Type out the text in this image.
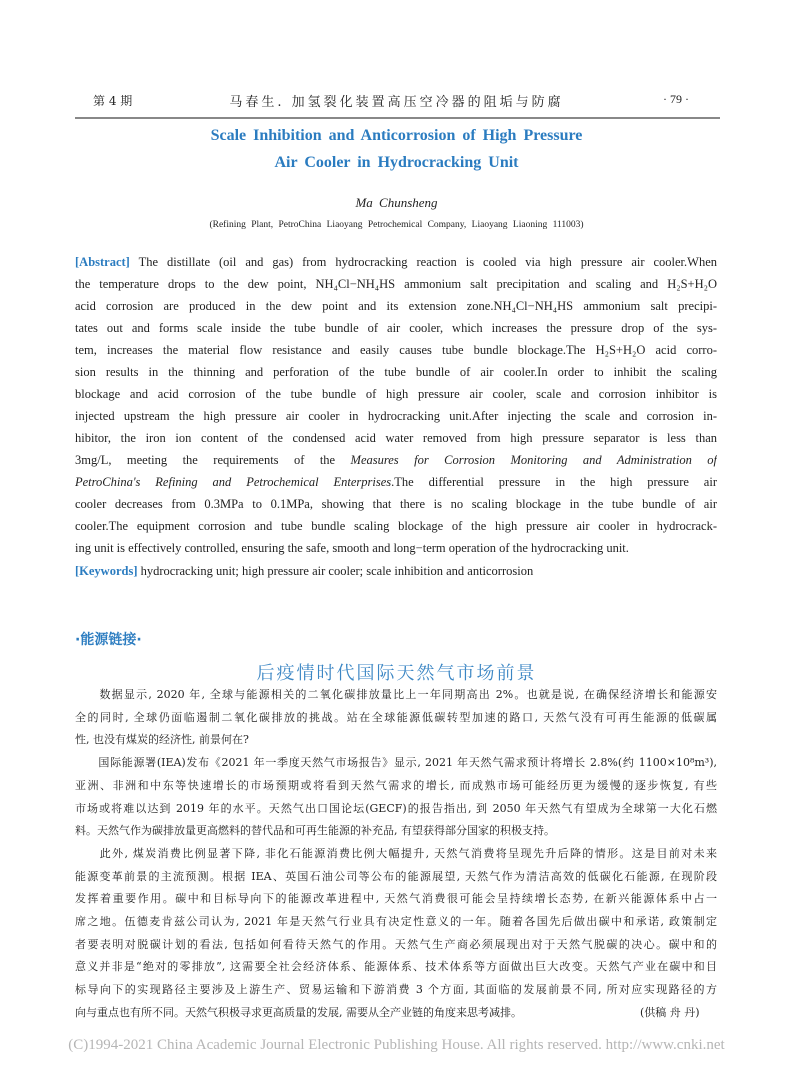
第 4 期	马春生. 加氢裂化装置高压空冷器的阻垢与防腐	· 79 ·
Scale Inhibition and Anticorrosion of High Pressure
Air Cooler in Hydrocracking Unit
Ma Chunsheng
(Refining Plant, PetroChina Liaoyang Petrochemical Company, Liaoyang Liaoning 111003)
[Abstract] The distillate (oil and gas) from hydrocracking reaction is cooled via high pressure air cooler.When
the temperature drops to the dew point, NH₄Cl−NH₄HS ammonium salt precipitation and scaling and H₂S+H₂O
acid corrosion are produced in the dew point and its extension zone.NH₄Cl−NH₄HS ammonium salt precipi-
tates out and forms scale inside the tube bundle of air cooler, which increases the pressure drop of the sys-
tem, increases the material flow resistance and easily causes tube bundle blockage.The H₂S+H₂O acid corro-
sion results in the thinning and perforation of the tube bundle of air cooler.In order to inhibit the scaling
blockage and acid corrosion of the tube bundle of high pressure air cooler, scale and corrosion inhibitor is
injected upstream the high pressure air cooler in hydrocracking unit.After injecting the scale and corrosion in-
hibitor, the iron ion content of the condensed acid water removed from high pressure separator is less than
3mg/L, meeting the requirements of the Measures for Corrosion Monitoring and Administration of
PetroChina's Refining and Petrochemical Enterprises.The differential pressure in the high pressure air
cooler decreases from 0.3MPa to 0.1MPa, showing that there is no scaling blockage in the tube bundle of air
cooler.The equipment corrosion and tube bundle scaling blockage of the high pressure air cooler in hydrocrack-
ing unit is effectively controlled, ensuring the safe, smooth and long−term operation of the hydrocracking unit.
[Keywords] hydrocracking unit; high pressure air cooler; scale inhibition and anticorrosion
·能源链接·
后疫情时代国际天然气市场前景
　　数据显示, 2020 年, 全球与能源相关的二氧化碳排放量比上一年同期高出 2%。也就是说, 在确保经济增长和能源安
全的同时, 全球仍面临遏制二氧化碳排放的挑战。站在全球能源低碳转型加速的路口, 天然气没有可再生能源的低碳属
性, 也没有煤炭的经济性, 前景何在?
　　国际能源署(IEA)发布《2021 年一季度天然气市场报告》显示, 2021 年天然气需求预计将增长 2.8%(约 1100×10⁸m³),
亚洲、非洲和中东等快速增长的市场预期或将看到天然气需求的增长, 而成熟市场可能经历更为缓慢的逐步恢复, 有些
市场或将难以达到 2019 年的水平。天然气出口国论坛(GECF)的报告指出, 到 2050 年天然气有望成为全球第一大化石燃
料。天然气作为碳排放量更高燃料的替代品和可再生能源的补充品, 有望获得部分国家的积极支持。
　　此外, 煤炭消费比例显著下降, 非化石能源消费比例大幅提升, 天然气消费将呈现先升后降的情形。这是目前对未来
能源变革前景的主流预测。根据 IEA、英国石油公司等公布的能源展望, 天然气作为清洁高效的低碳化石能源, 在现阶段
发挥着重要作用。碳中和目标导向下的能源改革进程中, 天然气消费很可能会呈持续增长态势, 在新兴能源体系中占一
席之地。伍德麦肯兹公司认为, 2021 年是天然气行业具有决定性意义的一年。随着各国先后做出碳中和承诺, 政策制定
者要表明对脱碳计划的看法, 包括如何看待天然气的作用。天然气生产商必须展现出对于天然气脱碳的决心。碳中和的
意义并非是“绝对的零排放”, 这需要全社会经济体系、能源体系、技术体系等方面做出巨大改变。天然气产业在碳中和目
标导向下的实现路径主要涉及上游生产、贸易运输和下游消费 3 个方面, 其面临的发展前景不同, 所对应实现路径的方
向与重点也有所不同。天然气积极寻求更高质量的发展, 需要从全产业链的角度来思考减排。	(供稿 舟 丹)
(C)1994-2021 China Academic Journal Electronic Publishing House. All rights reserved. http://www.cnki.net
